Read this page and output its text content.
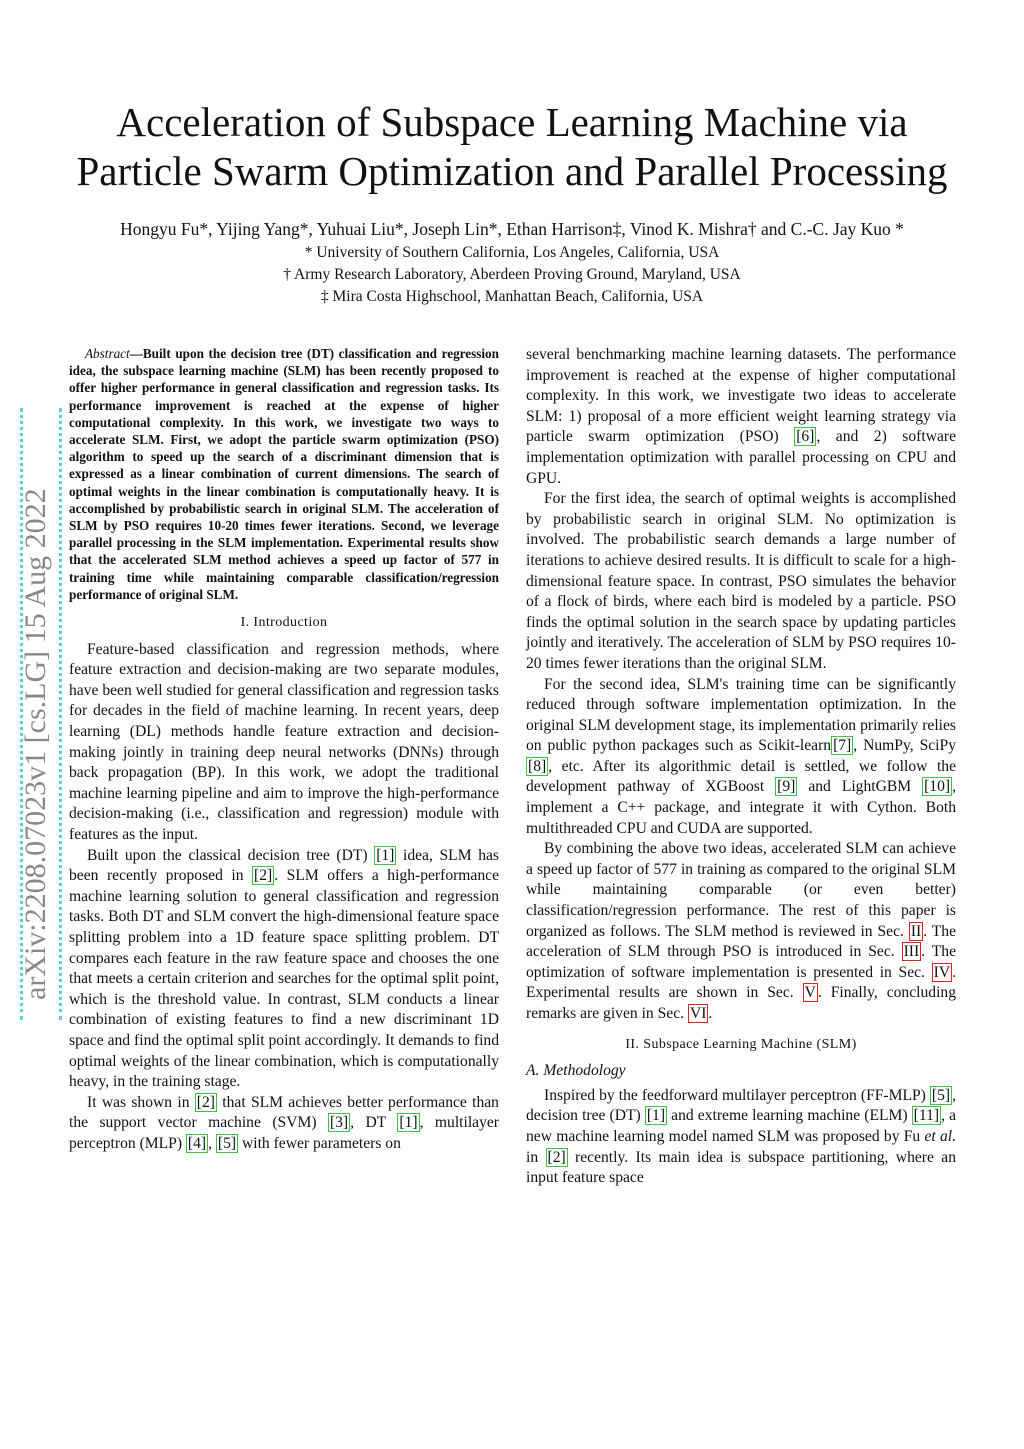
Acceleration of Subspace Learning Machine via
Particle Swarm Optimization and Parallel Processing
Hongyu Fu*, Yijing Yang*, Yuhuai Liu*, Joseph Lin*, Ethan Harrison‡, Vinod K. Mishra† and C.-C. Jay Kuo *
* University of Southern California, Los Angeles, California, USA
† Army Research Laboratory, Aberdeen Proving Ground, Maryland, USA
‡ Mira Costa Highschool, Manhattan Beach, California, USA
arXiv:2208.07023v1 [cs.LG] 15 Aug 2022

Abstract—Built upon the decision tree (DT) classification and regression idea, the subspace learning machine (SLM) has been recently proposed to offer higher performance in general classification and regression tasks. Its performance improvement is reached at the expense of higher computational complexity. In this work, we investigate two ways to accelerate SLM. First, we adopt the particle swarm optimization (PSO) algorithm to speed up the search of a discriminant dimension that is expressed as a linear combination of current dimensions. The search of optimal weights in the linear combination is computationally heavy. It is accomplished by probabilistic search in original SLM. The acceleration of SLM by PSO requires 10-20 times fewer iterations. Second, we leverage parallel processing in the SLM implementation. Experimental results show that the accelerated SLM method achieves a speed up factor of 577 in training time while maintaining comparable classification/regression performance of original SLM.

I. Introduction

Feature-based classification and regression methods, where feature extraction and decision-making are two separate modules, have been well studied for general classification and regression tasks for decades in the field of machine learning. In recent years, deep learning (DL) methods handle feature extraction and decision-making jointly in training deep neural networks (DNNs) through back propagation (BP). In this work, we adopt the traditional machine learning pipeline and aim to improve the high-performance decision-making (i.e., classification and regression) module with features as the input.

Built upon the classical decision tree (DT) [1] idea, SLM has been recently proposed in [2] . SLM offers a high-performance machine learning solution to general classification and regression tasks. Both DT and SLM convert the high-dimensional feature space splitting problem into a 1D feature space splitting problem. DT compares each feature in the raw feature space and chooses the one that meets a certain criterion and searches for the optimal split point, which is the threshold value. In contrast, SLM conducts a linear combination of existing features to find a new discriminant 1D space and find the optimal split point accordingly. It demands to find optimal weights of the linear combination, which is computationally heavy, in the training stage.

It was shown in [2] that SLM achieves better performance than the support vector machine (SVM) [3] , DT [1] , multilayer perceptron (MLP) [4] , [5] with fewer parameters on

several benchmarking machine learning datasets. The performance improvement is reached at the expense of higher computational complexity. In this work, we investigate two ideas to accelerate SLM: 1) proposal of a more efficient weight learning strategy via particle swarm optimization (PSO) [6] , and 2) software implementation optimization with parallel processing on CPU and GPU.

For the first idea, the search of optimal weights is accomplished by probabilistic search in original SLM. No optimization is involved. The probabilistic search demands a large number of iterations to achieve desired results. It is difficult to scale for a high-dimensional feature space. In contrast, PSO simulates the behavior of a flock of birds, where each bird is modeled by a particle. PSO finds the optimal solution in the search space by updating particles jointly and iteratively. The acceleration of SLM by PSO requires 10-20 times fewer iterations than the original SLM.

For the second idea, SLM's training time can be significantly reduced through software implementation optimization. In the original SLM development stage, its implementation primarily relies on public python packages such as Scikit-learn [7] , NumPy, SciPy [8] , etc. After its algorithmic detail is settled, we follow the development pathway of XGBoost [9] and LightGBM [10] , implement a C++ package, and integrate it with Cython. Both multithreaded CPU and CUDA are supported.

By combining the above two ideas, accelerated SLM can achieve a speed up factor of 577 in training as compared to the original SLM while maintaining comparable (or even better) classification/regression performance. The rest of this paper is organized as follows. The SLM method is reviewed in Sec. II . The acceleration of SLM through PSO is introduced in Sec. III . The optimization of software implementation is presented in Sec. IV . Experimental results are shown in Sec. V . Finally, concluding remarks are given in Sec. VI .

II. Subspace Learning Machine (SLM)
A. Methodology

Inspired by the feedforward multilayer perceptron (FF-MLP) [5] , decision tree (DT) [1] and extreme learning machine (ELM) [11] , a new machine learning model named SLM was proposed by Fu et al. in [2] recently. Its main idea is subspace partitioning, where an input feature space
